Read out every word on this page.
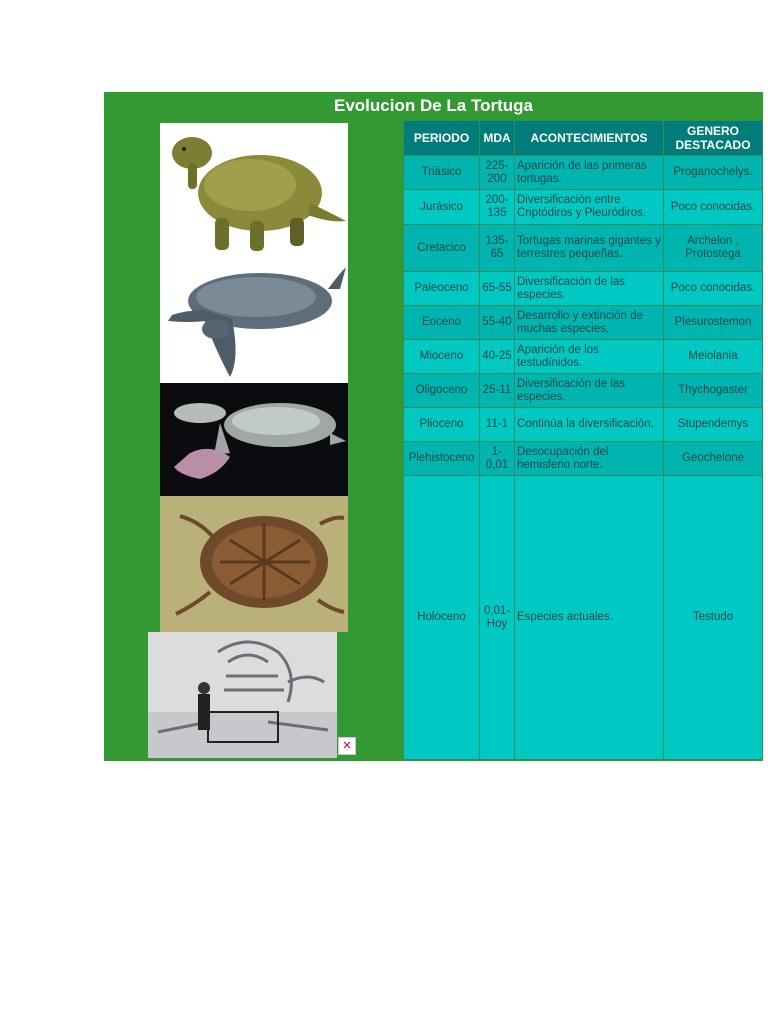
Evolucion De La Tortuga
×
PERIODO	MDA	ACONTECIMIENTOS	GENERO DESTACADO
Triásico	225-200	Aparición de las primeras tortugas.	Proganochelys.
Jurásico	200-135	Diversificación entre Criptódiros y Pleuródiros.	Poco conocidas.
Cretacico	135-65	Tortugas marinas gigantes y terrestres pequeñas.	Archelon , Protostega
Paleoceno	65-55	Diversificación de las especies.	Poco conocidas.
Eoceno	55-40	Desarrollo y extinción de muchas especies.	Plesurostemon
Mioceno	40-25	Aparición de los testudínidos.	Meiolania
Oligoceno	25-11	Diversificación de las especies.	Thychogaster
Plioceno	11-1	Continúa la diversificación.	Stupendemys
Plehistoceno	1-0,01	Desocupación del hemisferio norte.	Geochelone
Holoceno	0,01-Hoy	Especies actuales.	Testudo
